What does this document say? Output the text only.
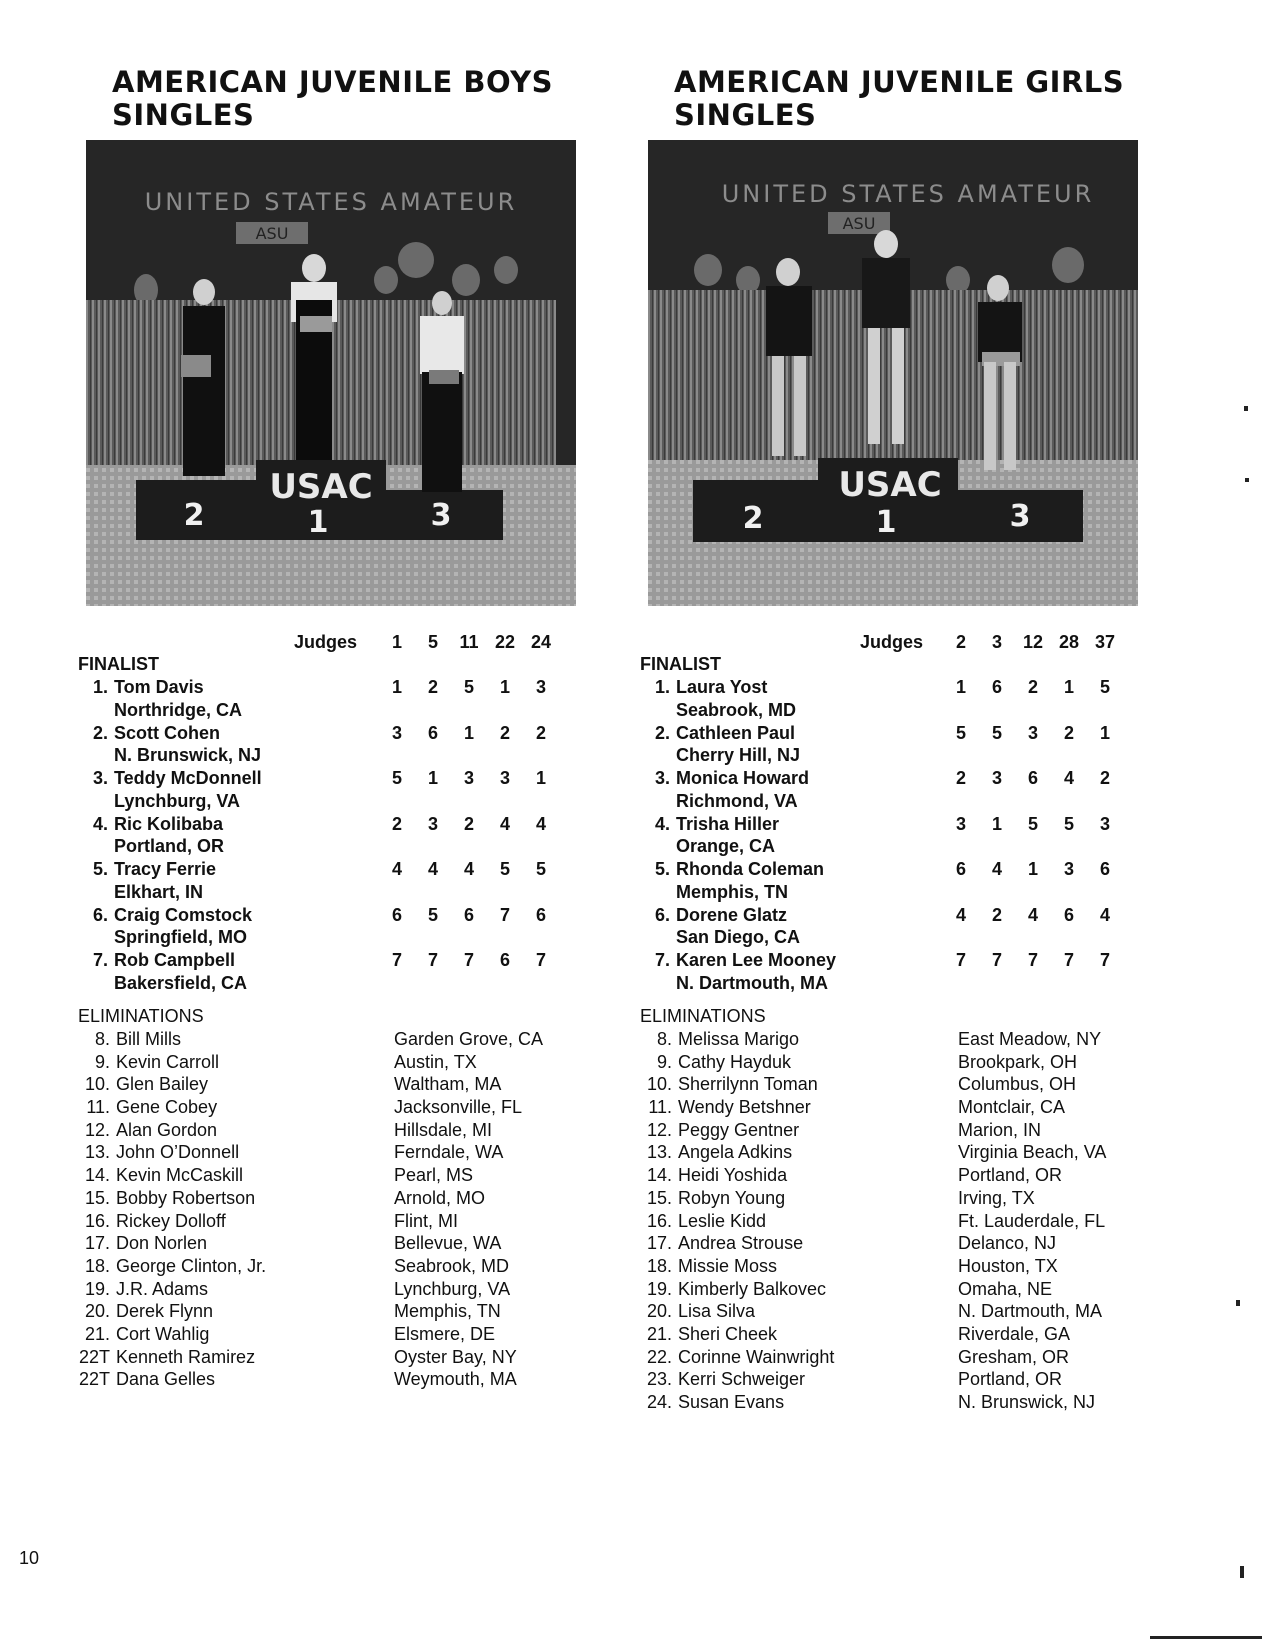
AMERICAN JUVENILE BOYS
SINGLES
UNITED STATES AMATEUR
ASU
USAC
2	1	3
Judges	1	5	11 22 24
FINALIST
1. Tom Davis
Northridge, CA
1	2	5	1	3
2. Scott Cohen
N. Brunswick, NJ
3	6	1	2	2
3. Teddy McDonnell
Lynchburg, VA
5	1	3	3	1
4. Ric Kolibaba
Portland, OR
2	3	2	4	4
5. Tracy Ferrie
Elkhart, IN
4	4	4	5	5
6. Craig Comstock
Springfield, MO
6	5	6	7	6
7. Rob Campbell
Bakersfield, CA
7	7	7	6	7
ELIMINATIONS
8. Bill Mills	Garden Grove, CA
9. Kevin Carroll	Austin, TX
10. Glen Bailey	Waltham, MA
11. Gene Cobey	Jacksonville, FL
12. Alan Gordon	Hillsdale, MI
13. John O’Donnell	Ferndale, WA
14. Kevin McCaskill	Pearl, MS
15. Bobby Robertson	Arnold, MO
16. Rickey Dolloff	Flint, MI
17. Don Norlen	Bellevue, WA
18. George Clinton, Jr.	Seabrook, MD
19. J.R. Adams	Lynchburg, VA
20. Derek Flynn	Memphis, TN
21. Cort Wahlig	Elsmere, DE
22T Kenneth Ramirez	Oyster Bay, NY
22T Dana Gelles	Weymouth, MA
AMERICAN JUVENILE GIRLS
SINGLES
UNITED STATES AMATEUR
ASU
USAC
2	1	3
Judges	2	3	12 28 37
FINALIST
1. Laura Yost
Seabrook, MD
1	6	2	1	5
2. Cathleen Paul
Cherry Hill, NJ
5	5	3	2	1
3. Monica Howard
Richmond, VA
2	3	6	4	2
4. Trisha Hiller
Orange, CA
3	1	5	5	3
5. Rhonda Coleman
Memphis, TN
6	4	1	3	6
6. Dorene Glatz
San Diego, CA
4	2	4	6	4
7. Karen Lee Mooney
N. Dartmouth, MA
7	7	7	7	7
ELIMINATIONS
8. Melissa Marigo	East Meadow, NY
9. Cathy Hayduk	Brookpark, OH
10. Sherrilynn Toman	Columbus, OH
11. Wendy Betshner	Montclair, CA
12. Peggy Gentner	Marion, IN
13. Angela Adkins	Virginia Beach, VA
14. Heidi Yoshida	Portland, OR
15. Robyn Young	Irving, TX
16. Leslie Kidd	Ft. Lauderdale, FL
17. Andrea Strouse	Delanco, NJ
18. Missie Moss	Houston, TX
19. Kimberly Balkovec	Omaha, NE
20. Lisa Silva	N. Dartmouth, MA
21. Sheri Cheek	Riverdale, GA
22. Corinne Wainwright	Gresham, OR
23. Kerri Schweiger	Portland, OR
24. Susan Evans	N. Brunswick, NJ
10
